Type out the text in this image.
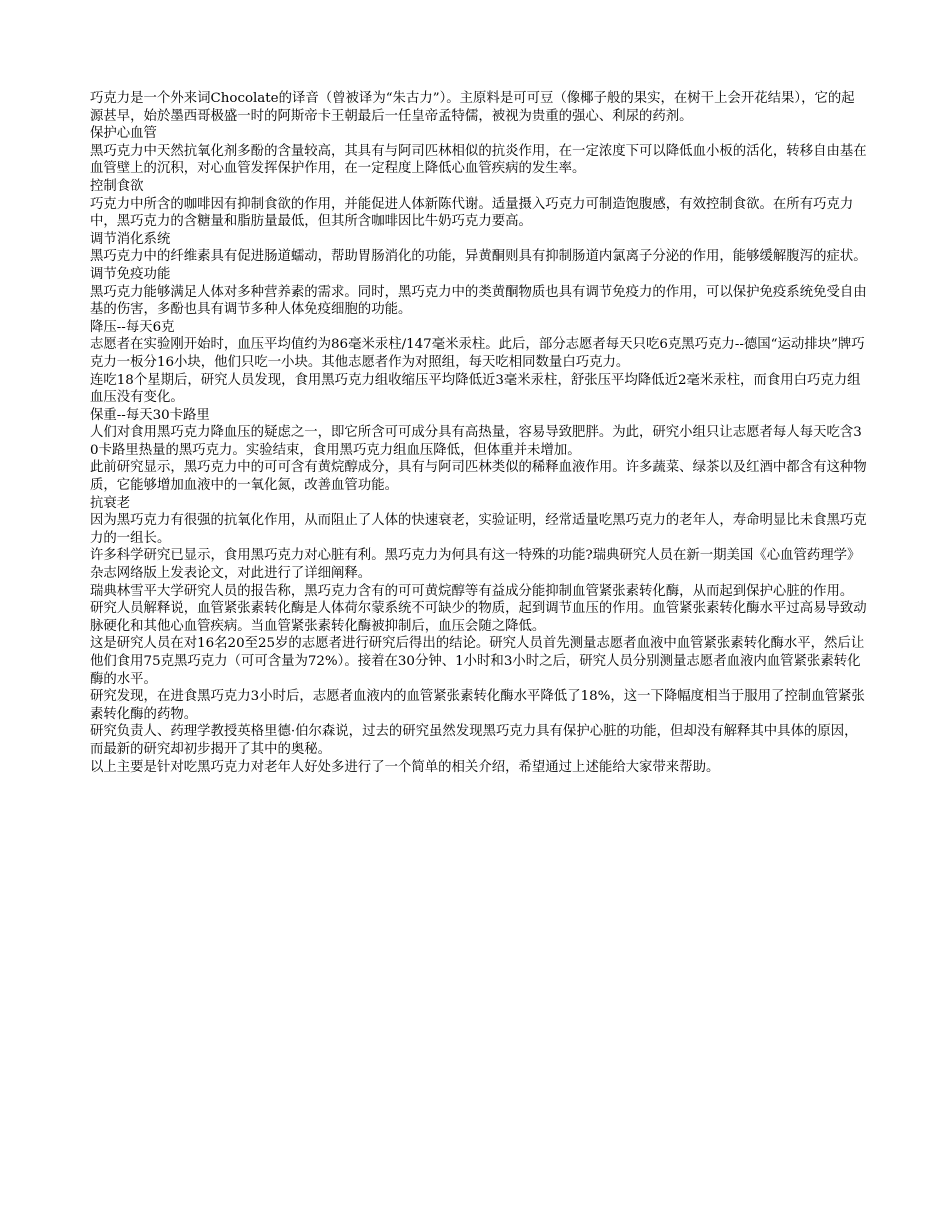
巧克力是一个外来词Chocolate的译音（曾被译为“朱古力”）。主原料是可可豆（像椰子般的果实，在树干上会开花结果），它的起源甚早，始於墨西哥极盛一时的阿斯帝卡王朝最后一任皇帝孟特儒，被视为贵重的强心、利尿的药剂。

保护心血管

黑巧克力中天然抗氧化剂多酚的含量较高，其具有与阿司匹林相似的抗炎作用，在一定浓度下可以降低血小板的活化，转移自由基在血管壁上的沉积，对心血管发挥保护作用，在一定程度上降低心血管疾病的发生率。

控制食欲

巧克力中所含的咖啡因有抑制食欲的作用，并能促进人体新陈代谢。适量摄入巧克力可制造饱腹感，有效控制食欲。在所有巧克力中，黑巧克力的含糖量和脂肪量最低，但其所含咖啡因比牛奶巧克力要高。

调节消化系统

黑巧克力中的纤维素具有促进肠道蠕动，帮助胃肠消化的功能，异黄酮则具有抑制肠道内氯离子分泌的作用，能够缓解腹泻的症状。

调节免疫功能

黑巧克力能够满足人体对多种营养素的需求。同时，黑巧克力中的类黄酮物质也具有调节免疫力的作用，可以保护免疫系统免受自由基的伤害，多酚也具有调节多种人体免疫细胞的功能。

降压--每天6克

志愿者在实验刚开始时，血压平均值约为86毫米汞柱/147毫米汞柱。此后，部分志愿者每天只吃6克黑巧克力--德国“运动排块”牌巧克力一板分16小块，他们只吃一小块。其他志愿者作为对照组，每天吃相同数量白巧克力。

连吃18个星期后，研究人员发现，食用黑巧克力组收缩压平均降低近3毫米汞柱，舒张压平均降低近2毫米汞柱，而食用白巧克力组血压没有变化。

保重--每天30卡路里

人们对食用黑巧克力降血压的疑虑之一，即它所含可可成分具有高热量，容易导致肥胖。为此，研究小组只让志愿者每人每天吃含30卡路里热量的黑巧克力。实验结束，食用黑巧克力组血压降低，但体重并未增加。

此前研究显示，黑巧克力中的可可含有黄烷醇成分，具有与阿司匹林类似的稀释血液作用。许多蔬菜、绿茶以及红酒中都含有这种物质，它能够增加血液中的一氧化氮，改善血管功能。

抗衰老

因为黑巧克力有很强的抗氧化作用，从而阻止了人体的快速衰老，实验证明，经常适量吃黑巧克力的老年人，寿命明显比未食黑巧克力的一组长。

许多科学研究已显示，食用黑巧克力对心脏有利。黑巧克力为何具有这一特殊的功能?瑞典研究人员在新一期美国《心血管药理学》杂志网络版上发表论文，对此进行了详细阐释。

瑞典林雪平大学研究人员的报告称，黑巧克力含有的可可黄烷醇等有益成分能抑制血管紧张素转化酶，从而起到保护心脏的作用。

研究人员解释说，血管紧张素转化酶是人体荷尔蒙系统不可缺少的物质，起到调节血压的作用。血管紧张素转化酶水平过高易导致动脉硬化和其他心血管疾病。当血管紧张素转化酶被抑制后，血压会随之降低。

这是研究人员在对16名20至25岁的志愿者进行研究后得出的结论。研究人员首先测量志愿者血液中血管紧张素转化酶水平，然后让他们食用75克黑巧克力（可可含量为72%）。接着在30分钟、1小时和3小时之后，研究人员分别测量志愿者血液内血管紧张素转化酶的水平。

研究发现，在进食黑巧克力3小时后，志愿者血液内的血管紧张素转化酶水平降低了18%，这一下降幅度相当于服用了控制血管紧张素转化酶的药物。

研究负责人、药理学教授英格里德·伯尔森说，过去的研究虽然发现黑巧克力具有保护心脏的功能，但却没有解释其中具体的原因，而最新的研究却初步揭开了其中的奥秘。

以上主要是针对吃黑巧克力对老年人好处多进行了一个简单的相关介绍，希望通过上述能给大家带来帮助。
